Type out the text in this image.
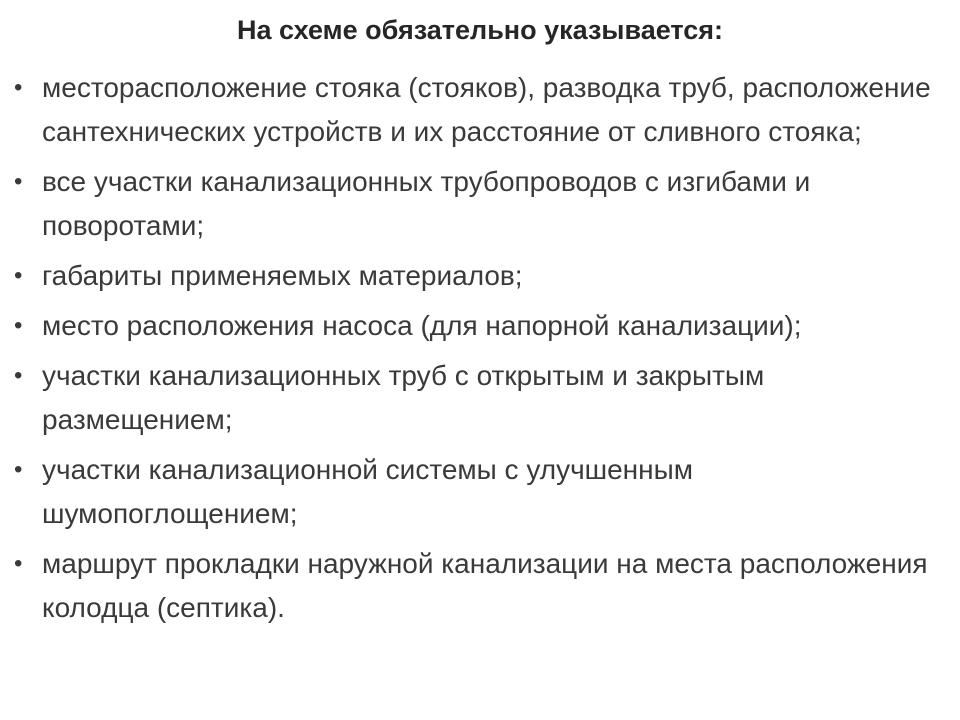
На схеме обязательно указывается:
• месторасположение стояка (стояков), разводка труб, расположение сантехнических устройств и их расстояние от сливного стояка;
• все участки канализационных трубопроводов с изгибами и поворотами;
• габариты применяемых материалов;
• место расположения насоса (для напорной канализации);
• участки канализационных труб с открытым и закрытым размещением;
• участки канализационной системы с улучшенным шумопоглощением;
• маршрут прокладки наружной канализации на места расположения колодца (септика).
